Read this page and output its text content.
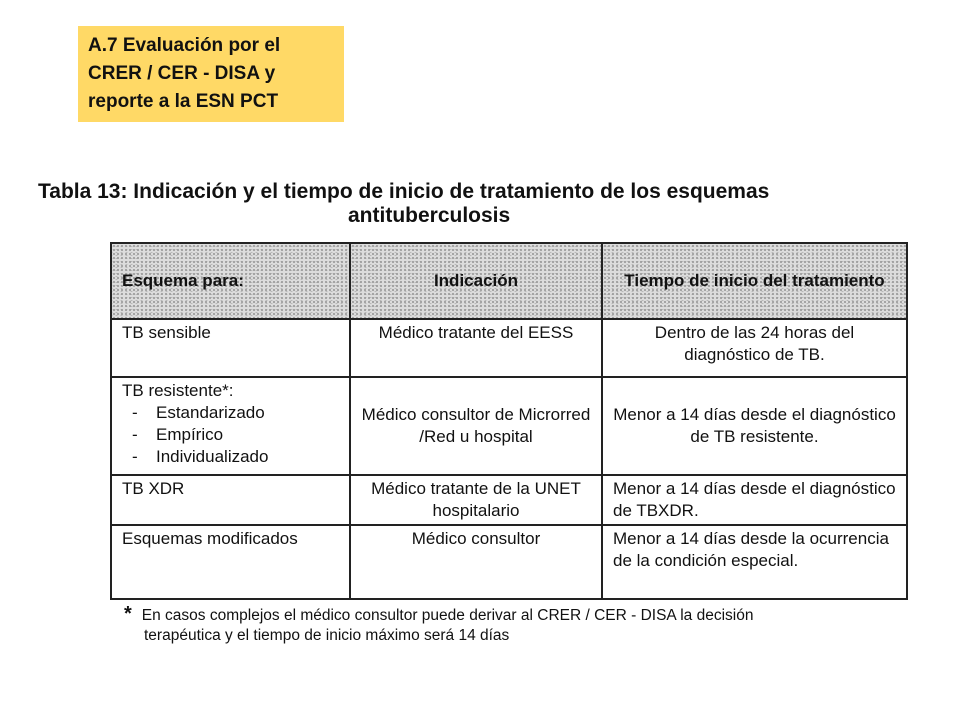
A.7 Evaluación por el
CRER / CER - DISA y
reporte a la ESN PCT
Tabla 13: Indicación y el tiempo de inicio de tratamiento de los esquemas
antituberculosis
Esquema para:	Indicación	Tiempo de inicio del tratamiento
TB sensible	Médico tratante del EESS	Dentro de las 24 horas del diagnóstico de TB.

TB resistente*:
- Estandarizado
- Empírico
- Individualizado	Médico consultor de Microrred /Red u hospital	Menor a 14 días desde el diagnóstico de TB resistente.
TB XDR	Médico tratante de la UNET hospitalario	Menor a 14 días desde el diagnóstico de TBXDR.
Esquemas modificados	Médico consultor	Menor a 14 días desde la ocurrencia de la condición especial.
* En casos complejos el médico consultor puede derivar al CRER / CER - DISA la decisión
terapéutica y el tiempo de inicio máximo será 14 días
